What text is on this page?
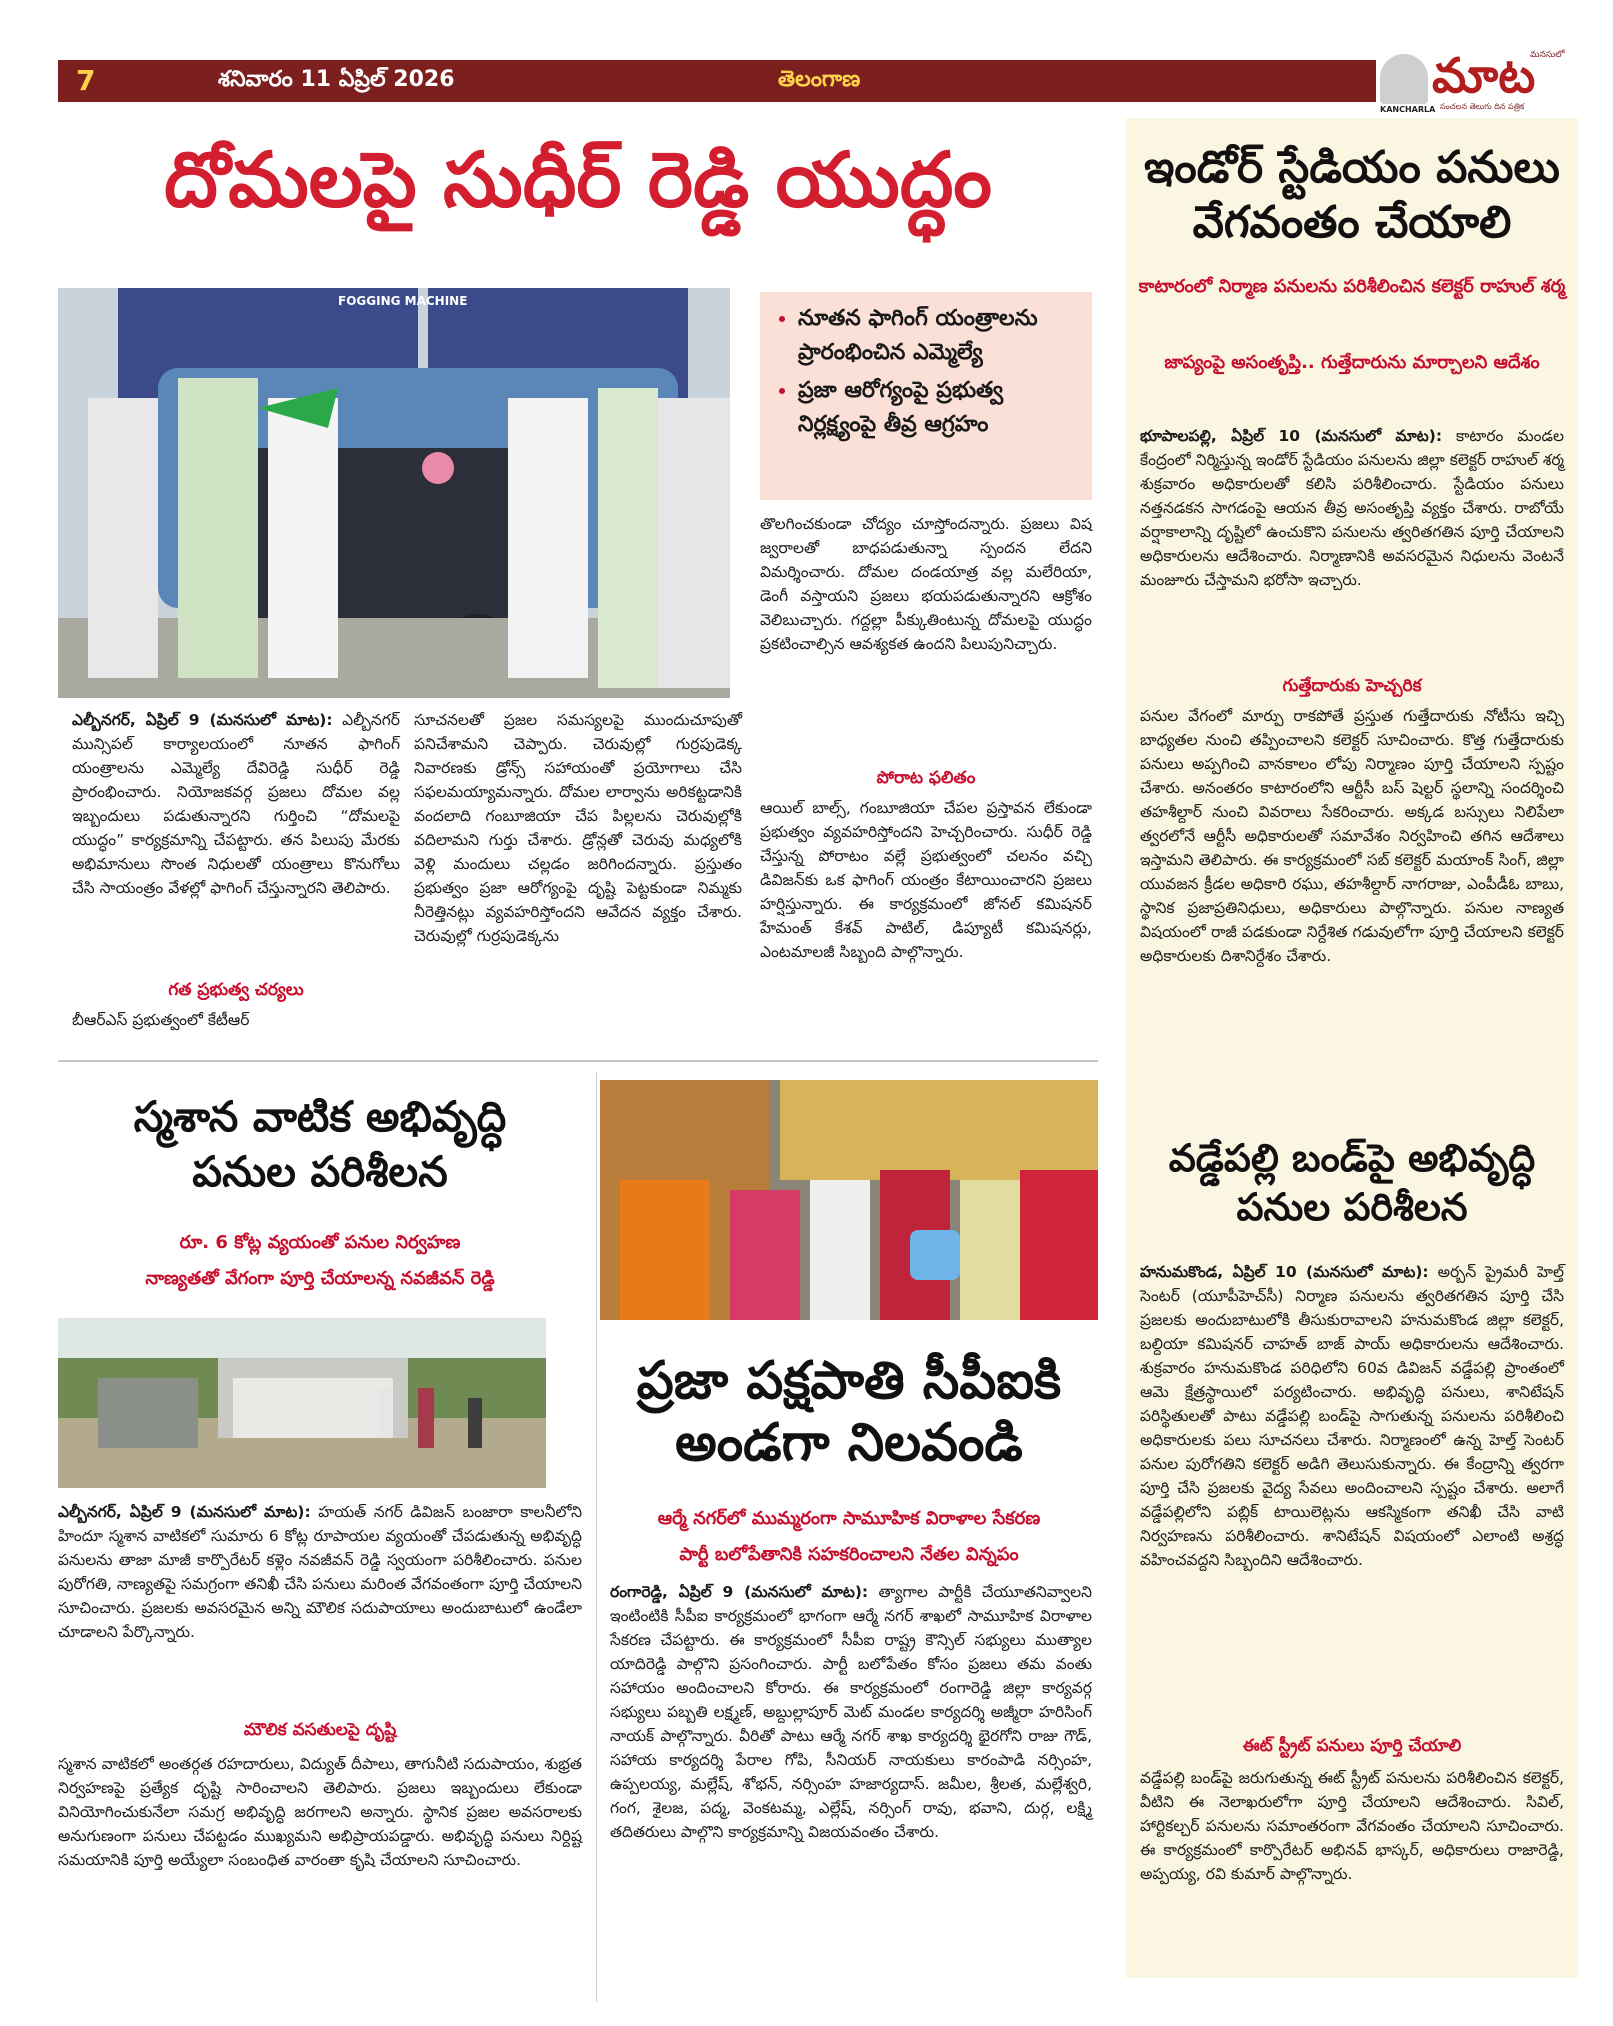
7	శనివారం 11 ఏప్రిల్ 2026	తెలంగాణ
KANCHARLA
మాట
మనసులో
సంచలన తెలుగు దిన పత్రిక
దోమలపై సుధీర్ రెడ్డి యుద్ధం
FOGGING MACHINE
• నూతన ఫాగింగ్ యంత్రాలను ప్రారంభించిన ఎమ్మెల్యే
• ప్రజా ఆరోగ్యంపై ప్రభుత్వ నిర్లక్ష్యంపై తీవ్ర ఆగ్రహం
తొలగించకుండా చోద్యం చూస్తోందన్నారు. ప్రజలు విష జ్వరాలతో బాధపడుతున్నా స్పందన లేదని విమర్శించారు. దోమల దండయాత్ర వల్ల మలేరియా, డెంగీ వస్తాయని ప్రజలు భయపడుతున్నారని ఆక్రోశం వెలిబుచ్చారు. గద్దల్లా పీక్కుతింటున్న దోమలపై యుద్ధం ప్రకటించాల్సిన ఆవశ్యకత ఉందని పిలుపునిచ్చారు.
పోరాట ఫలితం
ఆయిల్ బాల్స్, గంబూజియా చేపల ప్రస్తావన లేకుండా ప్రభుత్వం వ్యవహరిస్తోందని హెచ్చరించారు. సుధీర్ రెడ్డి చేస్తున్న పోరాటం వల్లే ప్రభుత్వంలో చలనం వచ్చి డివిజన్‌కు ఒక ఫాగింగ్ యంత్రం కేటాయించారని ప్రజలు హర్షిస్తున్నారు. ఈ కార్యక్రమంలో జోనల్ కమిషనర్ హేమంత్ కేశవ్ పాటిల్, డిప్యూటీ కమిషనర్లు, ఎంటమాలజీ సిబ్బంది పాల్గొన్నారు.
ఎల్బీనగర్, ఏప్రిల్ 9 (మనసులో మాట): ఎల్బీనగర్ మున్సిపల్ కార్యాలయంలో నూతన ఫాగింగ్ యంత్రాలను ఎమ్మెల్యే దేవిరెడ్డి సుధీర్ రెడ్డి ప్రారంభించారు. నియోజకవర్గ ప్రజలు దోమల వల్ల ఇబ్బందులు పడుతున్నారని గుర్తించి “దోమలపై యుద్ధం” కార్యక్రమాన్ని చేపట్టారు. తన పిలుపు మేరకు అభిమానులు సొంత నిధులతో యంత్రాలు కొనుగోలు చేసి సాయంత్రం వేళల్లో ఫాగింగ్ చేస్తున్నారని తెలిపారు.
గత ప్రభుత్వ చర్యలు
బీఆర్ఎస్ ప్రభుత్వంలో కేటీఆర్
సూచనలతో ప్రజల సమస్యలపై ముందుచూపుతో పనిచేశామని చెప్పారు. చెరువుల్లో గుర్రపుడెక్క నివారణకు డ్రోన్స్ సహాయంతో ప్రయోగాలు చేసి సఫలమయ్యామన్నారు. దోమల లార్వాను అరికట్టడానికి వందలాది గంబూజియా చేప పిల్లలను చెరువుల్లోకి వదిలామని గుర్తు చేశారు. డ్రోన్లతో చెరువు మధ్యలోకి వెళ్లి మందులు చల్లడం జరిగిందన్నారు. ప్రస్తుతం ప్రభుత్వం ప్రజా ఆరోగ్యంపై దృష్టి పెట్టకుండా నిమ్మకు నీరెత్తినట్లు వ్యవహరిస్తోందని ఆవేదన వ్యక్తం చేశారు. చెరువుల్లో గుర్రపుడెక్కను
స్మశాన వాటిక అభివృద్ధి
పనుల పరిశీలన
రూ. 6 కోట్ల వ్యయంతో పనుల నిర్వహణ
నాణ్యతతో వేగంగా పూర్తి చేయాలన్న నవజీవన్ రెడ్డి
ఎల్బీనగర్, ఏప్రిల్ 9 (మనసులో మాట): హయత్ నగర్ డివిజన్ బంజారా కాలనీలోని హిందూ స్మశాన వాటికలో సుమారు 6 కోట్ల రూపాయల వ్యయంతో చేపడుతున్న అభివృద్ధి పనులను తాజా మాజీ కార్పొరేటర్ కళ్లెం నవజీవన్ రెడ్డి స్వయంగా పరిశీలించారు. పనుల పురోగతి, నాణ్యతపై సమగ్రంగా తనిఖీ చేసి పనులు మరింత వేగవంతంగా పూర్తి చేయాలని సూచించారు. ప్రజలకు అవసరమైన అన్ని మౌలిక సదుపాయాలు అందుబాటులో ఉండేలా చూడాలని పేర్కొన్నారు.
మౌలిక వసతులపై దృష్టి
స్మశాన వాటికలో అంతర్గత రహదారులు, విద్యుత్ దీపాలు, తాగునీటి సదుపాయం, శుభ్రత నిర్వహణపై ప్రత్యేక దృష్టి సారించాలని తెలిపారు. ప్రజలు ఇబ్బందులు లేకుండా వినియోగించుకునేలా సమగ్ర అభివృద్ధి జరగాలని అన్నారు. స్థానిక ప్రజల అవసరాలకు అనుగుణంగా పనులు చేపట్టడం ముఖ్యమని అభిప్రాయపడ్డారు. అభివృద్ధి పనులు నిర్దిష్ట సమయానికి పూర్తి అయ్యేలా సంబంధిత వారంతా కృషి చేయాలని సూచించారు.
ప్రజా పక్షపాతి సీపీఐకి
అండగా నిలవండి
ఆర్మే నగర్‌లో ముమ్మరంగా సామూహిక విరాళాల సేకరణ
పార్టీ బలోపేతానికి సహకరించాలని నేతల విన్నపం
రంగారెడ్డి, ఏప్రిల్ 9 (మనసులో మాట): త్యాగాల పార్టీకి చేయూతనివ్వాలని ఇంటింటికి సీపీఐ కార్యక్రమంలో భాగంగా ఆర్మే నగర్ శాఖలో సామూహిక విరాళాల సేకరణ చేపట్టారు. ఈ కార్యక్రమంలో సీపీఐ రాష్ట్ర కౌన్సిల్ సభ్యులు ముత్యాల యాదిరెడ్డి పాల్గొని ప్రసంగించారు. పార్టీ బలోపేతం కోసం ప్రజలు తమ వంతు సహాయం అందించాలని కోరారు. ఈ కార్యక్రమంలో రంగారెడ్డి జిల్లా కార్యవర్గ సభ్యులు పబ్బతి లక్ష్మణ్, అబ్దుల్లాపూర్ మెట్ మండల కార్యదర్శి అజ్మీరా హరిసింగ్ నాయక్ పాల్గొన్నారు. వీరితో పాటు ఆర్మే నగర్ శాఖ కార్యదర్శి భైరగోని రాజు గౌడ్, సహాయ కార్యదర్శి పేరాల గోపి, సీనియర్ నాయకులు కారంపాడి నర్సింహ, ఉప్పలయ్య, మల్లేష్, శోభన్, నర్సింహ హజార్యదాస్. జమీల, శ్రీలత, మల్లేశ్వరి, గంగ, శైలజ, పద్మ, వెంకటమ్మ, ఎల్లేష్, నర్సింగ్ రావు, భవాని, దుర్గ, లక్ష్మి తదితరులు పాల్గొని కార్యక్రమాన్ని విజయవంతం చేశారు.
ఇండోర్ స్టేడియం పనులు
వేగవంతం చేయాలి
కాటారంలో నిర్మాణ పనులను పరిశీలించిన కలెక్టర్ రాహుల్ శర్మ
జాప్యంపై అసంతృప్తి.. గుత్తేదారును మార్చాలని ఆదేశం
భూపాలపల్లి, ఏప్రిల్ 10 (మనసులో మాట): కాటారం మండల కేంద్రంలో నిర్మిస్తున్న ఇండోర్ స్టేడియం పనులను జిల్లా కలెక్టర్ రాహుల్ శర్మ శుక్రవారం అధికారులతో కలిసి పరిశీలించారు. స్టేడియం పనులు నత్తనడకన సాగడంపై ఆయన తీవ్ర అసంతృప్తి వ్యక్తం చేశారు. రాబోయే వర్షాకాలాన్ని దృష్టిలో ఉంచుకొని పనులను త్వరితగతిన పూర్తి చేయాలని అధికారులను ఆదేశించారు. నిర్మాణానికి అవసరమైన నిధులను వెంటనే మంజూరు చేస్తామని భరోసా ఇచ్చారు.
గుత్తేదారుకు హెచ్చరిక
పనుల వేగంలో మార్పు రాకపోతే ప్రస్తుత గుత్తేదారుకు నోటీసు ఇచ్చి బాధ్యతల నుంచి తప్పించాలని కలెక్టర్ సూచించారు. కొత్త గుత్తేదారుకు పనులు అప్పగించి వానకాలం లోపు నిర్మాణం పూర్తి చేయాలని స్పష్టం చేశారు. అనంతరం కాటారంలోని ఆర్టీసీ బస్ షెల్టర్ స్థలాన్ని సందర్శించి తహశీల్దార్ నుంచి వివరాలు సేకరించారు. అక్కడ బస్సులు నిలిపేలా త్వరలోనే ఆర్టీసీ అధికారులతో సమావేశం నిర్వహించి తగిన ఆదేశాలు ఇస్తామని తెలిపారు. ఈ కార్యక్రమంలో సబ్ కలెక్టర్ మయాంక్ సింగ్, జిల్లా యువజన క్రీడల అధికారి రఘు, తహశీల్దార్ నాగరాజు, ఎంపీడీఓ బాబు, స్థానిక ప్రజాప్రతినిధులు, అధికారులు పాల్గొన్నారు. పనుల నాణ్యత విషయంలో రాజీ పడకుండా నిర్దేశిత గడువులోగా పూర్తి చేయాలని కలెక్టర్ అధికారులకు దిశానిర్దేశం చేశారు.
వడ్డేపల్లి బండ్‌పై అభివృద్ధి
పనుల పరిశీలన
హనుమకొండ, ఏప్రిల్ 10 (మనసులో మాట): అర్బన్ ప్రైమరీ హెల్త్ సెంటర్ (యూపీహెచ్‌సీ) నిర్మాణ పనులను త్వరితగతిన పూర్తి చేసి ప్రజలకు అందుబాటులోకి తీసుకురావాలని హనుమకొండ జిల్లా కలెక్టర్, బల్దియా కమిషనర్ చాహత్ బాజ్ పాయ్ అధికారులను ఆదేశించారు. శుక్రవారం హనుమకొండ పరిధిలోని 60వ డివిజన్ వడ్డేపల్లి ప్రాంతంలో ఆమె క్షేత్రస్థాయిలో పర్యటించారు. అభివృద్ధి పనులు, శానిటేషన్ పరిస్థితులతో పాటు వడ్డేపల్లి బండ్‌పై సాగుతున్న పనులను పరిశీలించి అధికారులకు పలు సూచనలు చేశారు. నిర్మాణంలో ఉన్న హెల్త్ సెంటర్ పనుల పురోగతిని కలెక్టర్ అడిగి తెలుసుకున్నారు. ఈ కేంద్రాన్ని త్వరగా పూర్తి చేసి ప్రజలకు వైద్య సేవలు అందించాలని స్పష్టం చేశారు. అలాగే వడ్డేపల్లిలోని పబ్లిక్ టాయిలెట్లను ఆకస్మికంగా తనిఖీ చేసి వాటి నిర్వహణను పరిశీలించారు. శానిటేషన్ విషయంలో ఎలాంటి అశ్రద్ధ వహించవద్దని సిబ్బందిని ఆదేశించారు.
ఈట్ స్ట్రీట్ పనులు పూర్తి చేయాలి
వడ్డేపల్లి బండ్‌పై జరుగుతున్న ఈట్ స్ట్రీట్ పనులను పరిశీలించిన కలెక్టర్, వీటిని ఈ నెలాఖరులోగా పూర్తి చేయాలని ఆదేశించారు. సివిల్, హార్టికల్చర్ పనులను సమాంతరంగా వేగవంతం చేయాలని సూచించారు. ఈ కార్యక్రమంలో కార్పొరేటర్ అభినవ్ భాస్కర్, అధికారులు రాజారెడ్డి, అప్పయ్య, రవి కుమార్ పాల్గొన్నారు.
